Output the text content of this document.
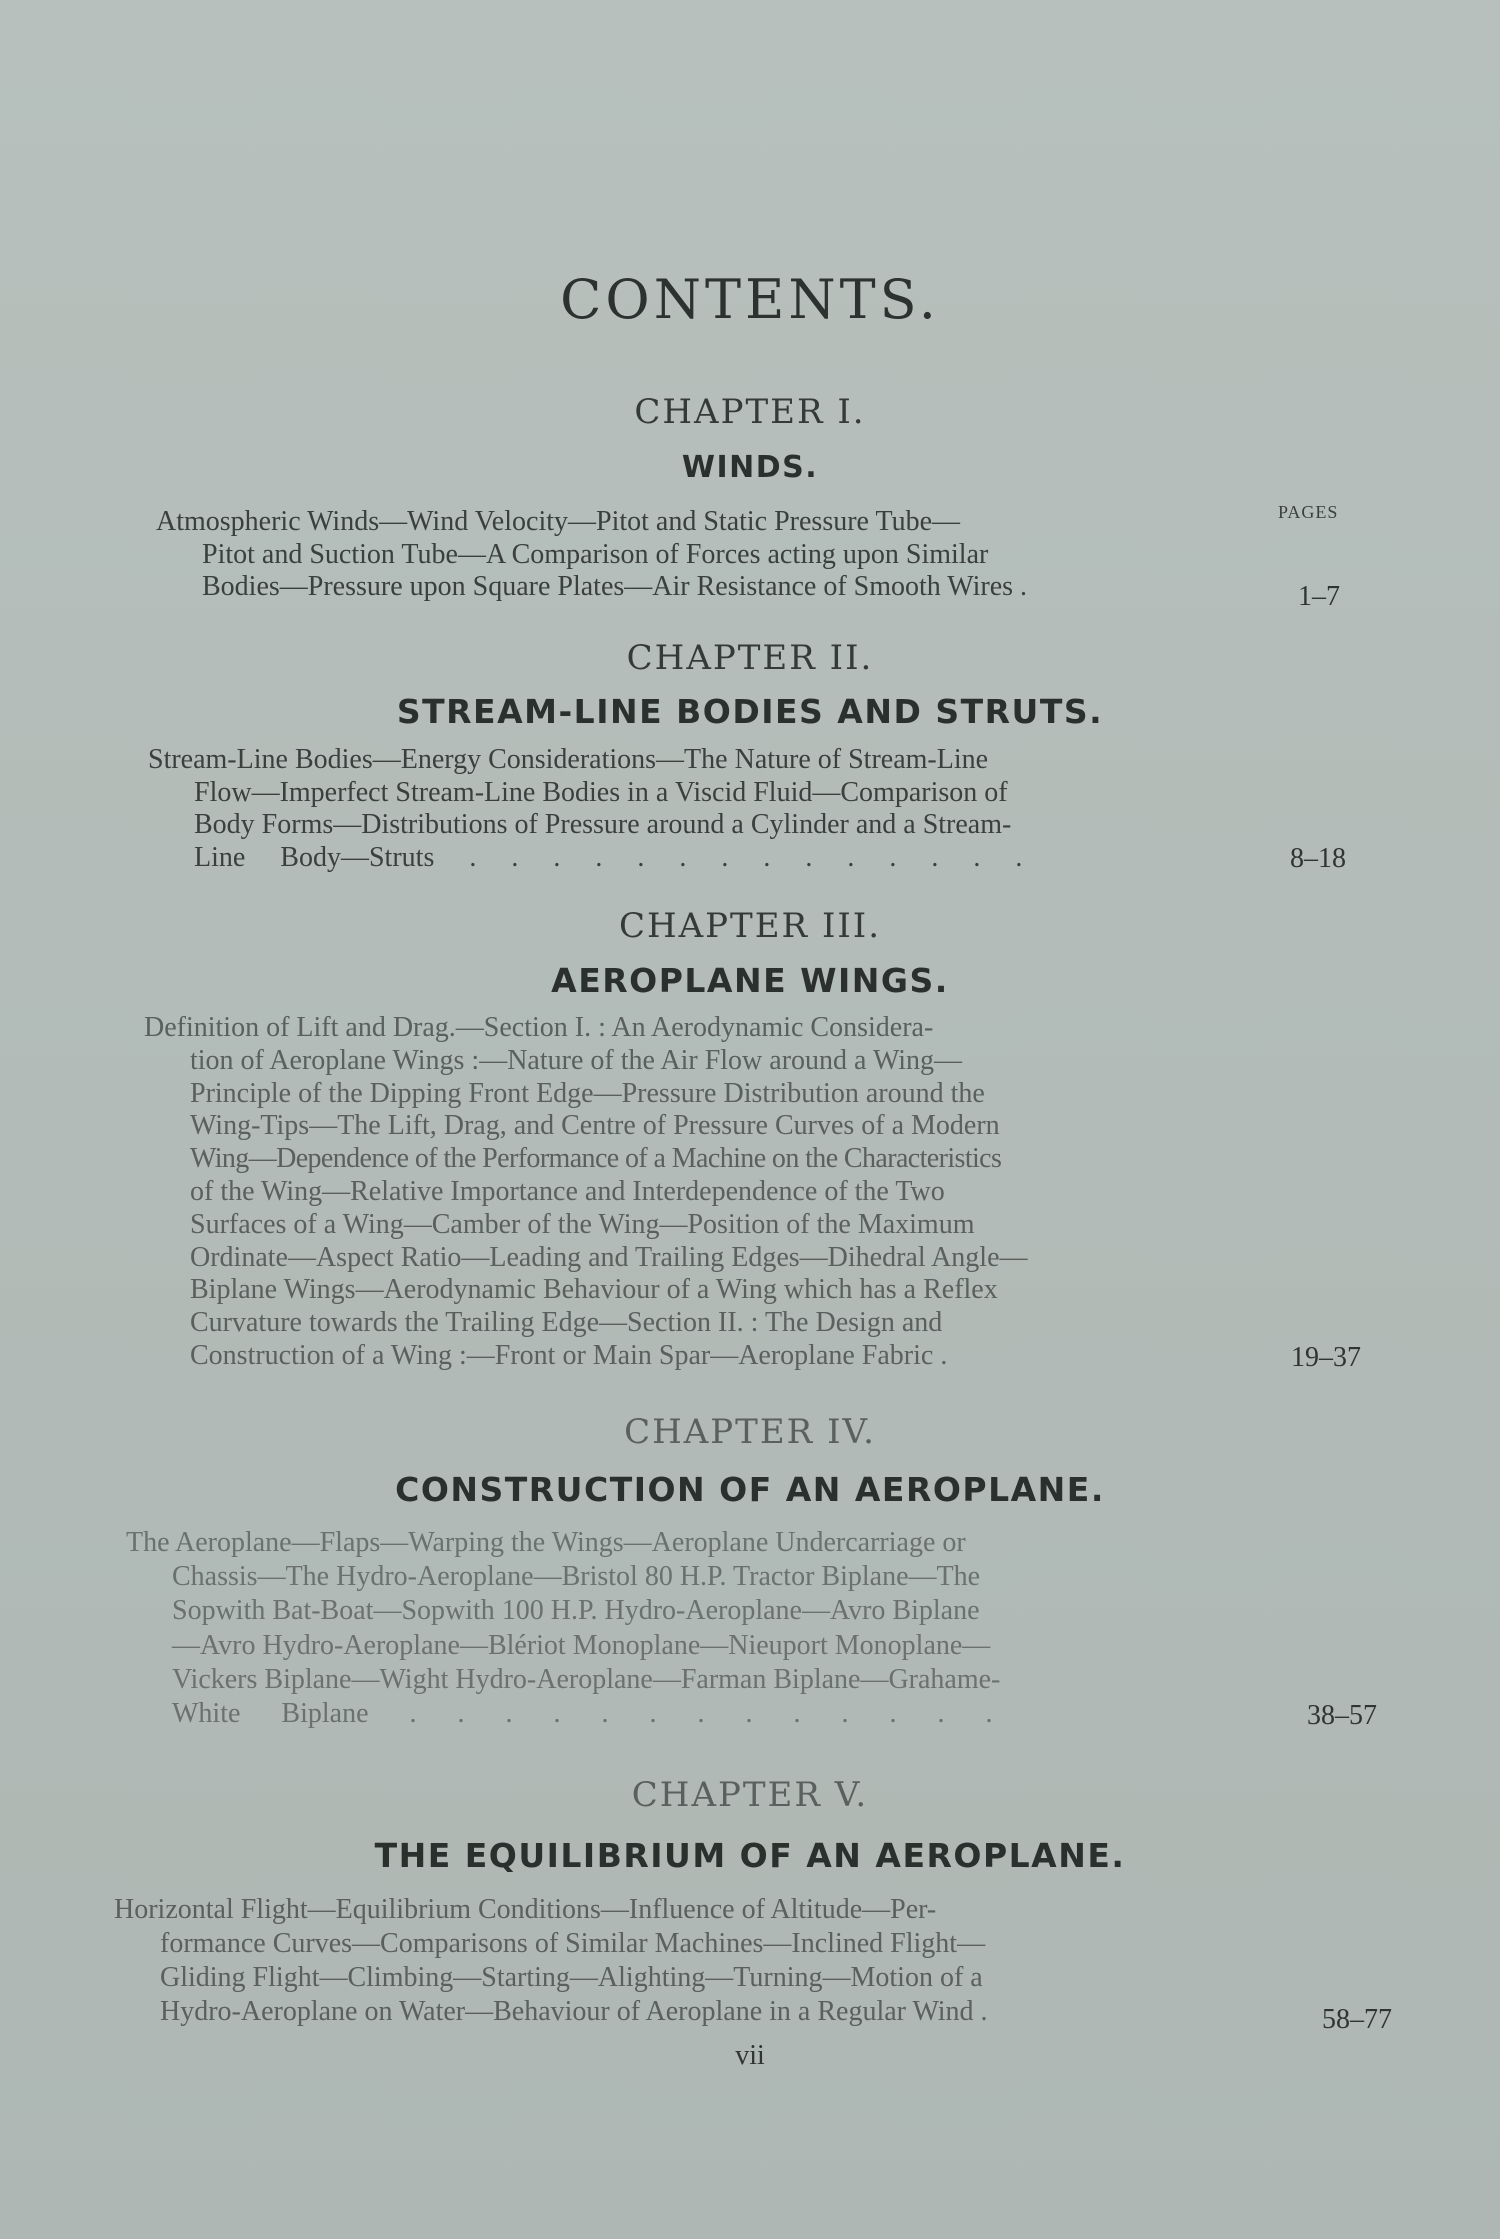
CONTENTS.
PAGES
CHAPTER I.
WINDS.
Atmospheric Winds—Wind Velocity—Pitot and Static Pressure Tube—
Pitot and Suction Tube—A Comparison of Forces acting upon Similar
Bodies—Pressure upon Square Plates—Air Resistance of Smooth Wires .	1–7
CHAPTER II.
STREAM-LINE BODIES AND STRUTS.
Stream-Line Bodies—Energy Considerations—The Nature of Stream-Line
Flow—Imperfect Stream-Line Bodies in a Viscid Fluid—Comparison of
Body Forms—Distributions of Pressure around a Cylinder and a Stream-
Line Body—Struts . . . . . . . . . . . . . .	8–18
CHAPTER III.
AEROPLANE WINGS.
Definition of Lift and Drag.—Section I. : An Aerodynamic Considera-
tion of Aeroplane Wings :—Nature of the Air Flow around a Wing—
Principle of the Dipping Front Edge—Pressure Distribution around the
Wing-Tips—The Lift, Drag, and Centre of Pressure Curves of a Modern
Wing—Dependence of the Performance of a Machine on the Characteristics
of the Wing—Relative Importance and Interdependence of the Two
Surfaces of a Wing—Camber of the Wing—Position of the Maximum
Ordinate—Aspect Ratio—Leading and Trailing Edges—Dihedral Angle—
Biplane Wings—Aerodynamic Behaviour of a Wing which has a Reflex
Curvature towards the Trailing Edge—Section II. : The Design and
Construction of a Wing :—Front or Main Spar—Aeroplane Fabric .	19–37
CHAPTER IV.
CONSTRUCTION OF AN AEROPLANE.
The Aeroplane—Flaps—Warping the Wings—Aeroplane Undercarriage or
Chassis—The Hydro-Aeroplane—Bristol 80 H.P. Tractor Biplane—The
Sopwith Bat-Boat—Sopwith 100 H.P. Hydro-Aeroplane—Avro Biplane
—Avro Hydro-Aeroplane—Blériot Monoplane—Nieuport Monoplane—
Vickers Biplane—Wight Hydro-Aeroplane—Farman Biplane—Grahame-
White Biplane . . . . . . . . . . . . .	38–57
CHAPTER V.
THE EQUILIBRIUM OF AN AEROPLANE.
Horizontal Flight—Equilibrium Conditions—Influence of Altitude—Per-
formance Curves—Comparisons of Similar Machines—Inclined Flight—
Gliding Flight—Climbing—Starting—Alighting—Turning—Motion of a
Hydro-Aeroplane on Water—Behaviour of Aeroplane in a Regular Wind .	58–77
vii
